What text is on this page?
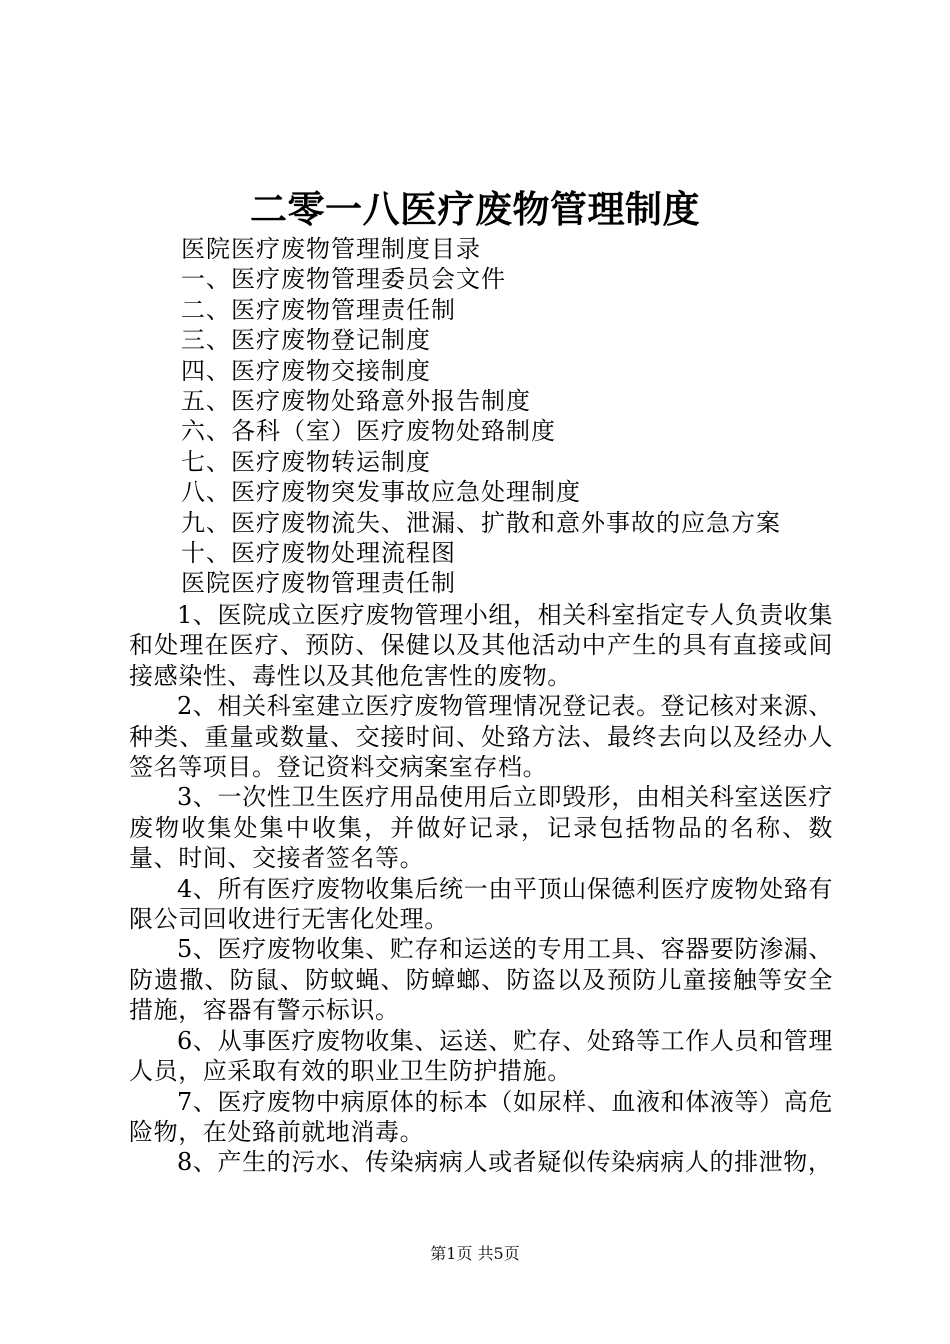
二零一八医疗废物管理制度
医院医疗废物管理制度目录
一、医疗废物管理委员会文件
二、医疗废物管理责任制
三、医疗废物登记制度
四、医疗废物交接制度
五、医疗废物处臵意外报告制度
六、各科（室）医疗废物处臵制度
七、医疗废物转运制度
八、医疗废物突发事故应急处理制度
九、医疗废物流失、泄漏、扩散和意外事故的应急方案
十、医疗废物处理流程图
医院医疗废物管理责任制

1、医院成立医疗废物管理小组，相关科室指定专人负责收集和处理在医疗、预防、保健以及其他活动中产生的具有直接或间接感染性、毒性以及其他危害性的废物。

2、相关科室建立医疗废物管理情况登记表。登记核对来源、种类、重量或数量、交接时间、处臵方法、最终去向以及经办人签名等项目。登记资料交病案室存档。

3、一次性卫生医疗用品使用后立即毁形，由相关科室送医疗废物收集处集中收集，并做好记录，记录包括物品的名称、数量、时间、交接者签名等。

4、所有医疗废物收集后统一由平顶山保德利医疗废物处臵有限公司回收进行无害化处理。

5、医疗废物收集、贮存和运送的专用工具、容器要防渗漏、防遗撒、防鼠、防蚊蝇、防蟑螂、防盗以及预防儿童接触等安全措施，容器有警示标识。

6、从事医疗废物收集、运送、贮存、处臵等工作人员和管理人员，应采取有效的职业卫生防护措施。

7、医疗废物中病原体的标本（如尿样、血液和体液等）高危险物，在处臵前就地消毒。

8、产生的污水、传染病病人或者疑似传染病病人的排泄物，

第1页 共5页
